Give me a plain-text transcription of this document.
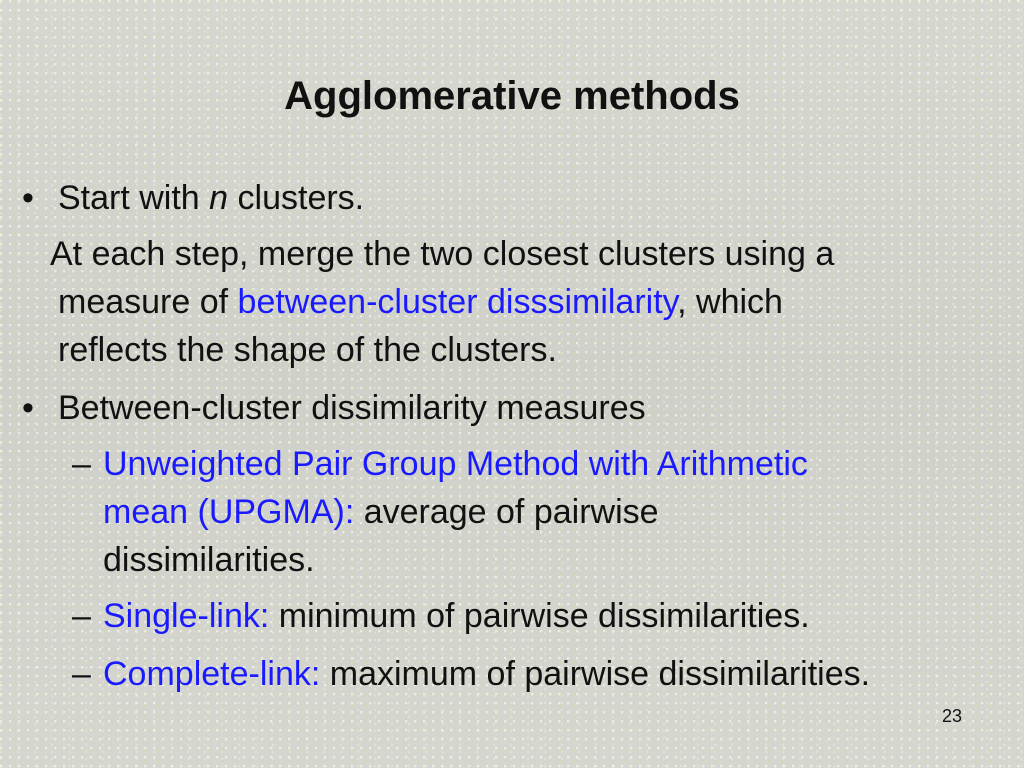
Agglomerative methods
• Start with n clusters.

At each step, merge the two closest clusters using a

measure of between-cluster disssimilarity, which

reflects the shape of the clusters.

• Between-cluster dissimilarity measures

– Unweighted Pair Group Method with Arithmetic

mean (UPGMA): average of pairwise

dissimilarities.

– Single-link: minimum of pairwise dissimilarities.

– Complete-link: maximum of pairwise dissimilarities.

23
